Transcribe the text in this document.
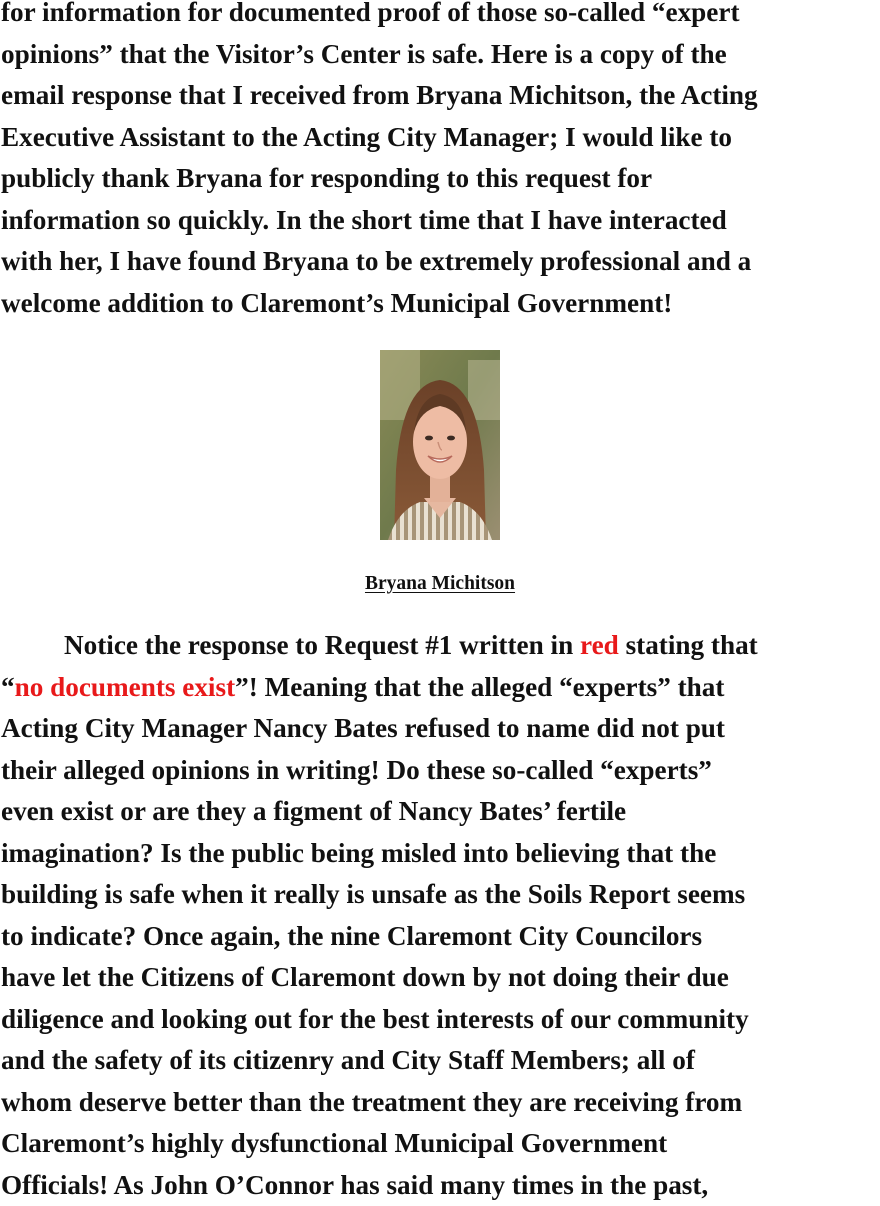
for information for documented proof of those so-called “expert
opinions” that the Visitor’s Center is safe. Here is a copy of the
email response that I received from Bryana Michitson, the Acting
Executive Assistant to the Acting City Manager; I would like to
publicly thank Bryana for responding to this request for
information so quickly. In the short time that I have interacted
with her, I have found Bryana to be extremely professional and a
welcome addition to Claremont’s Municipal Government!
Bryana Michitson
Notice the response to Request #1 written in red stating that
“no documents exist”! Meaning that the alleged “experts” that
Acting City Manager Nancy Bates refused to name did not put
their alleged opinions in writing! Do these so-called “experts”
even exist or are they a figment of Nancy Bates’ fertile
imagination? Is the public being misled into believing that the
building is safe when it really is unsafe as the Soils Report seems
to indicate? Once again, the nine Claremont City Councilors
have let the Citizens of Claremont down by not doing their due
diligence and looking out for the best interests of our community
and the safety of its citizenry and City Staff Members; all of
whom deserve better than the treatment they are receiving from
Claremont’s highly dysfunctional Municipal Government
Officials! As John O’Connor has said many times in the past,
